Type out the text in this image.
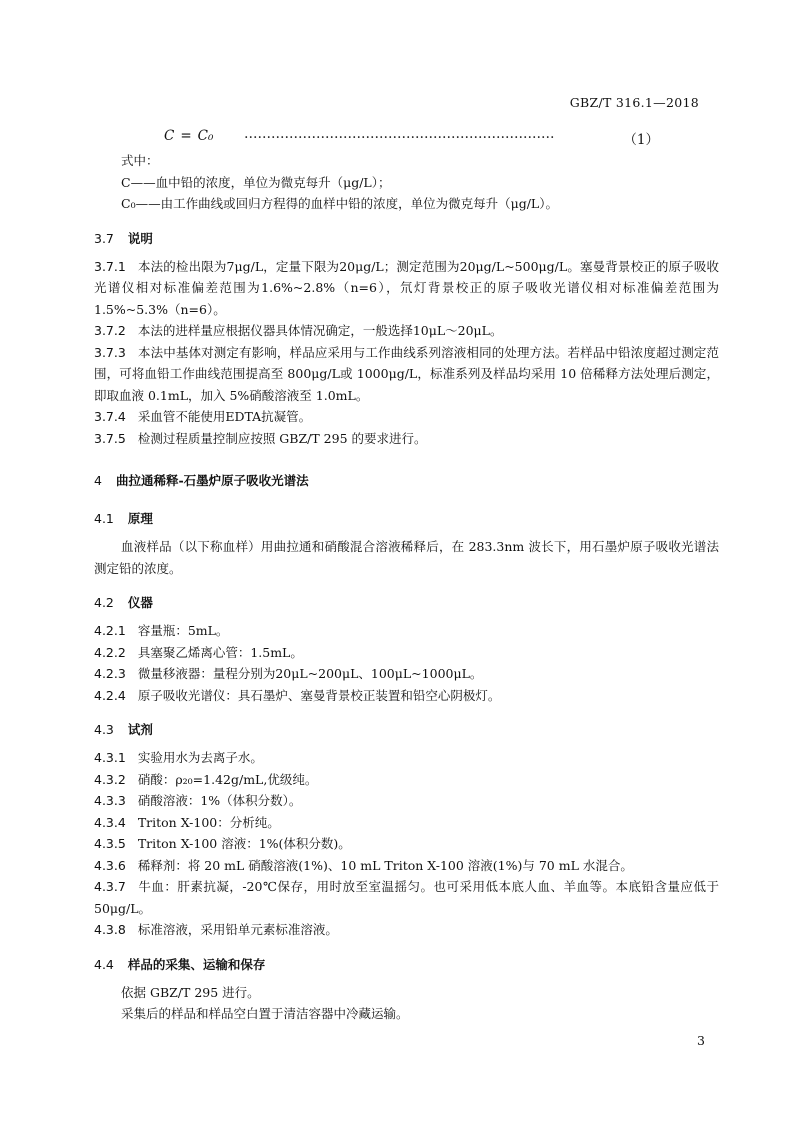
GBZ/T 316.1—2018
C = C₀ ……………………………………………………………	（1）
式中：
C——血中铅的浓度，单位为微克每升（μg/L）；
C₀——由工作曲线或回归方程得的血样中铅的浓度，单位为微克每升（μg/L）。
3.7 说明
3.7.1 本法的检出限为7μg/L，定量下限为20μg/L；测定范围为20μg/L~500μg/L。塞曼背景校正的原子吸收光谱仪相对标准偏差范围为1.6%~2.8%（n=6），氘灯背景校正的原子吸收光谱仪相对标准偏差范围为1.5%~5.3%（n=6）。
3.7.2 本法的进样量应根据仪器具体情况确定，一般选择10μL～20μL。
3.7.3 本法中基体对测定有影响，样品应采用与工作曲线系列溶液相同的处理方法。若样品中铅浓度超过测定范围，可将血铅工作曲线范围提高至 800μg/L或 1000μg/L，标准系列及样品均采用 10 倍稀释方法处理后测定，即取血液 0.1mL，加入 5%硝酸溶液至 1.0mL。
3.7.4 采血管不能使用EDTA抗凝管。
3.7.5 检测过程质量控制应按照 GBZ/T 295 的要求进行。
4 曲拉通稀释-石墨炉原子吸收光谱法
4.1 原理
血液样品（以下称血样）用曲拉通和硝酸混合溶液稀释后，在 283.3nm 波长下，用石墨炉原子吸收光谱法测定铅的浓度。
4.2 仪器
4.2.1 容量瓶：5mL。
4.2.2 具塞聚乙烯离心管：1.5mL。
4.2.3 微量移液器：量程分别为20μL~200μL、100μL~1000μL。
4.2.4 原子吸收光谱仪：具石墨炉、塞曼背景校正装置和铅空心阴极灯。
4.3 试剂
4.3.1 实验用水为去离子水。
4.3.2 硝酸：ρ₂₀=1.42g/mL,优级纯。
4.3.3 硝酸溶液：1%（体积分数）。
4.3.4 Triton X-100：分析纯。
4.3.5 Triton X-100 溶液：1%(体积分数)。
4.3.6 稀释剂：将 20 mL 硝酸溶液(1%)、10 mL Triton X-100 溶液(1%)与 70 mL 水混合。
4.3.7 牛血：肝素抗凝，-20℃保存，用时放至室温摇匀。也可采用低本底人血、羊血等。本底铅含量应低于 50μg/L。
4.3.8 标准溶液，采用铅单元素标准溶液。
4.4 样品的采集、运输和保存
依据 GBZ/T 295 进行。
采集后的样品和样品空白置于清洁容器中冷藏运输。
3
